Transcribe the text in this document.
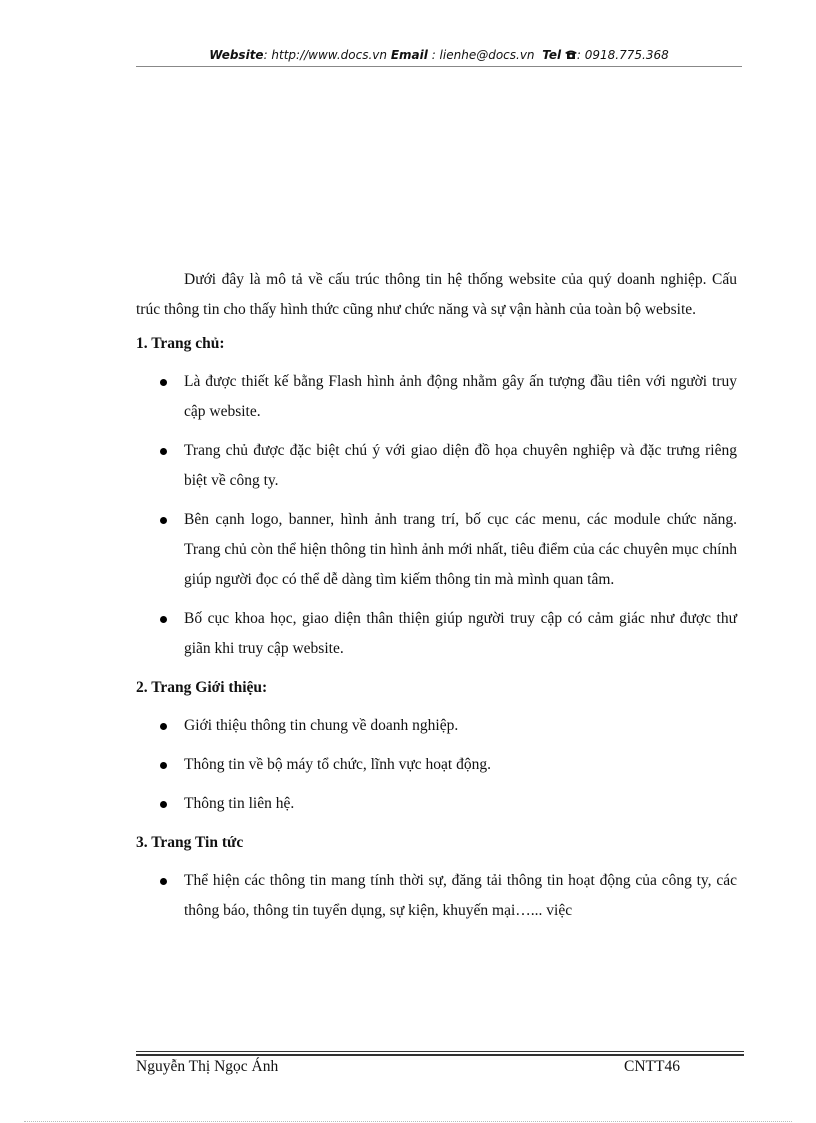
Website: http://www.docs.vn Email : lienhe@docs.vn Tel : 0918.775.368

Dưới đây là mô tả về cấu trúc thông tin hệ thống website của quý doanh nghiệp. Cấu trúc thông tin cho thấy hình thức cũng như chức năng và sự vận hành của toàn bộ website.

1. Trang chủ:
Là được thiết kế bằng Flash hình ảnh động nhằm gây ấn tượng đầu tiên với người truy cập website.
Trang chủ được đặc biệt chú ý với giao diện đồ họa chuyên nghiệp và đặc trưng riêng biệt về công ty.
Bên cạnh logo, banner, hình ảnh trang trí, bố cục các menu, các module chức năng. Trang chủ còn thể hiện thông tin hình ảnh mới nhất, tiêu điểm của các chuyên mục chính giúp người đọc có thể dễ dàng tìm kiếm thông tin mà mình quan tâm.
Bố cục khoa học, giao diện thân thiện giúp người truy cập có cảm giác như được thư giãn khi truy cập website.
2. Trang Giới thiệu:
Giới thiệu thông tin chung về doanh nghiệp.
Thông tin về bộ máy tổ chức, lĩnh vực hoạt động.
Thông tin liên hệ.
3. Trang Tin tức
Thể hiện các thông tin mang tính thời sự, đăng tải thông tin hoạt động của công ty, các thông báo, thông tin tuyển dụng, sự kiện, khuyến mại…... việc
Nguyễn Thị Ngọc Ánh	CNTT46
